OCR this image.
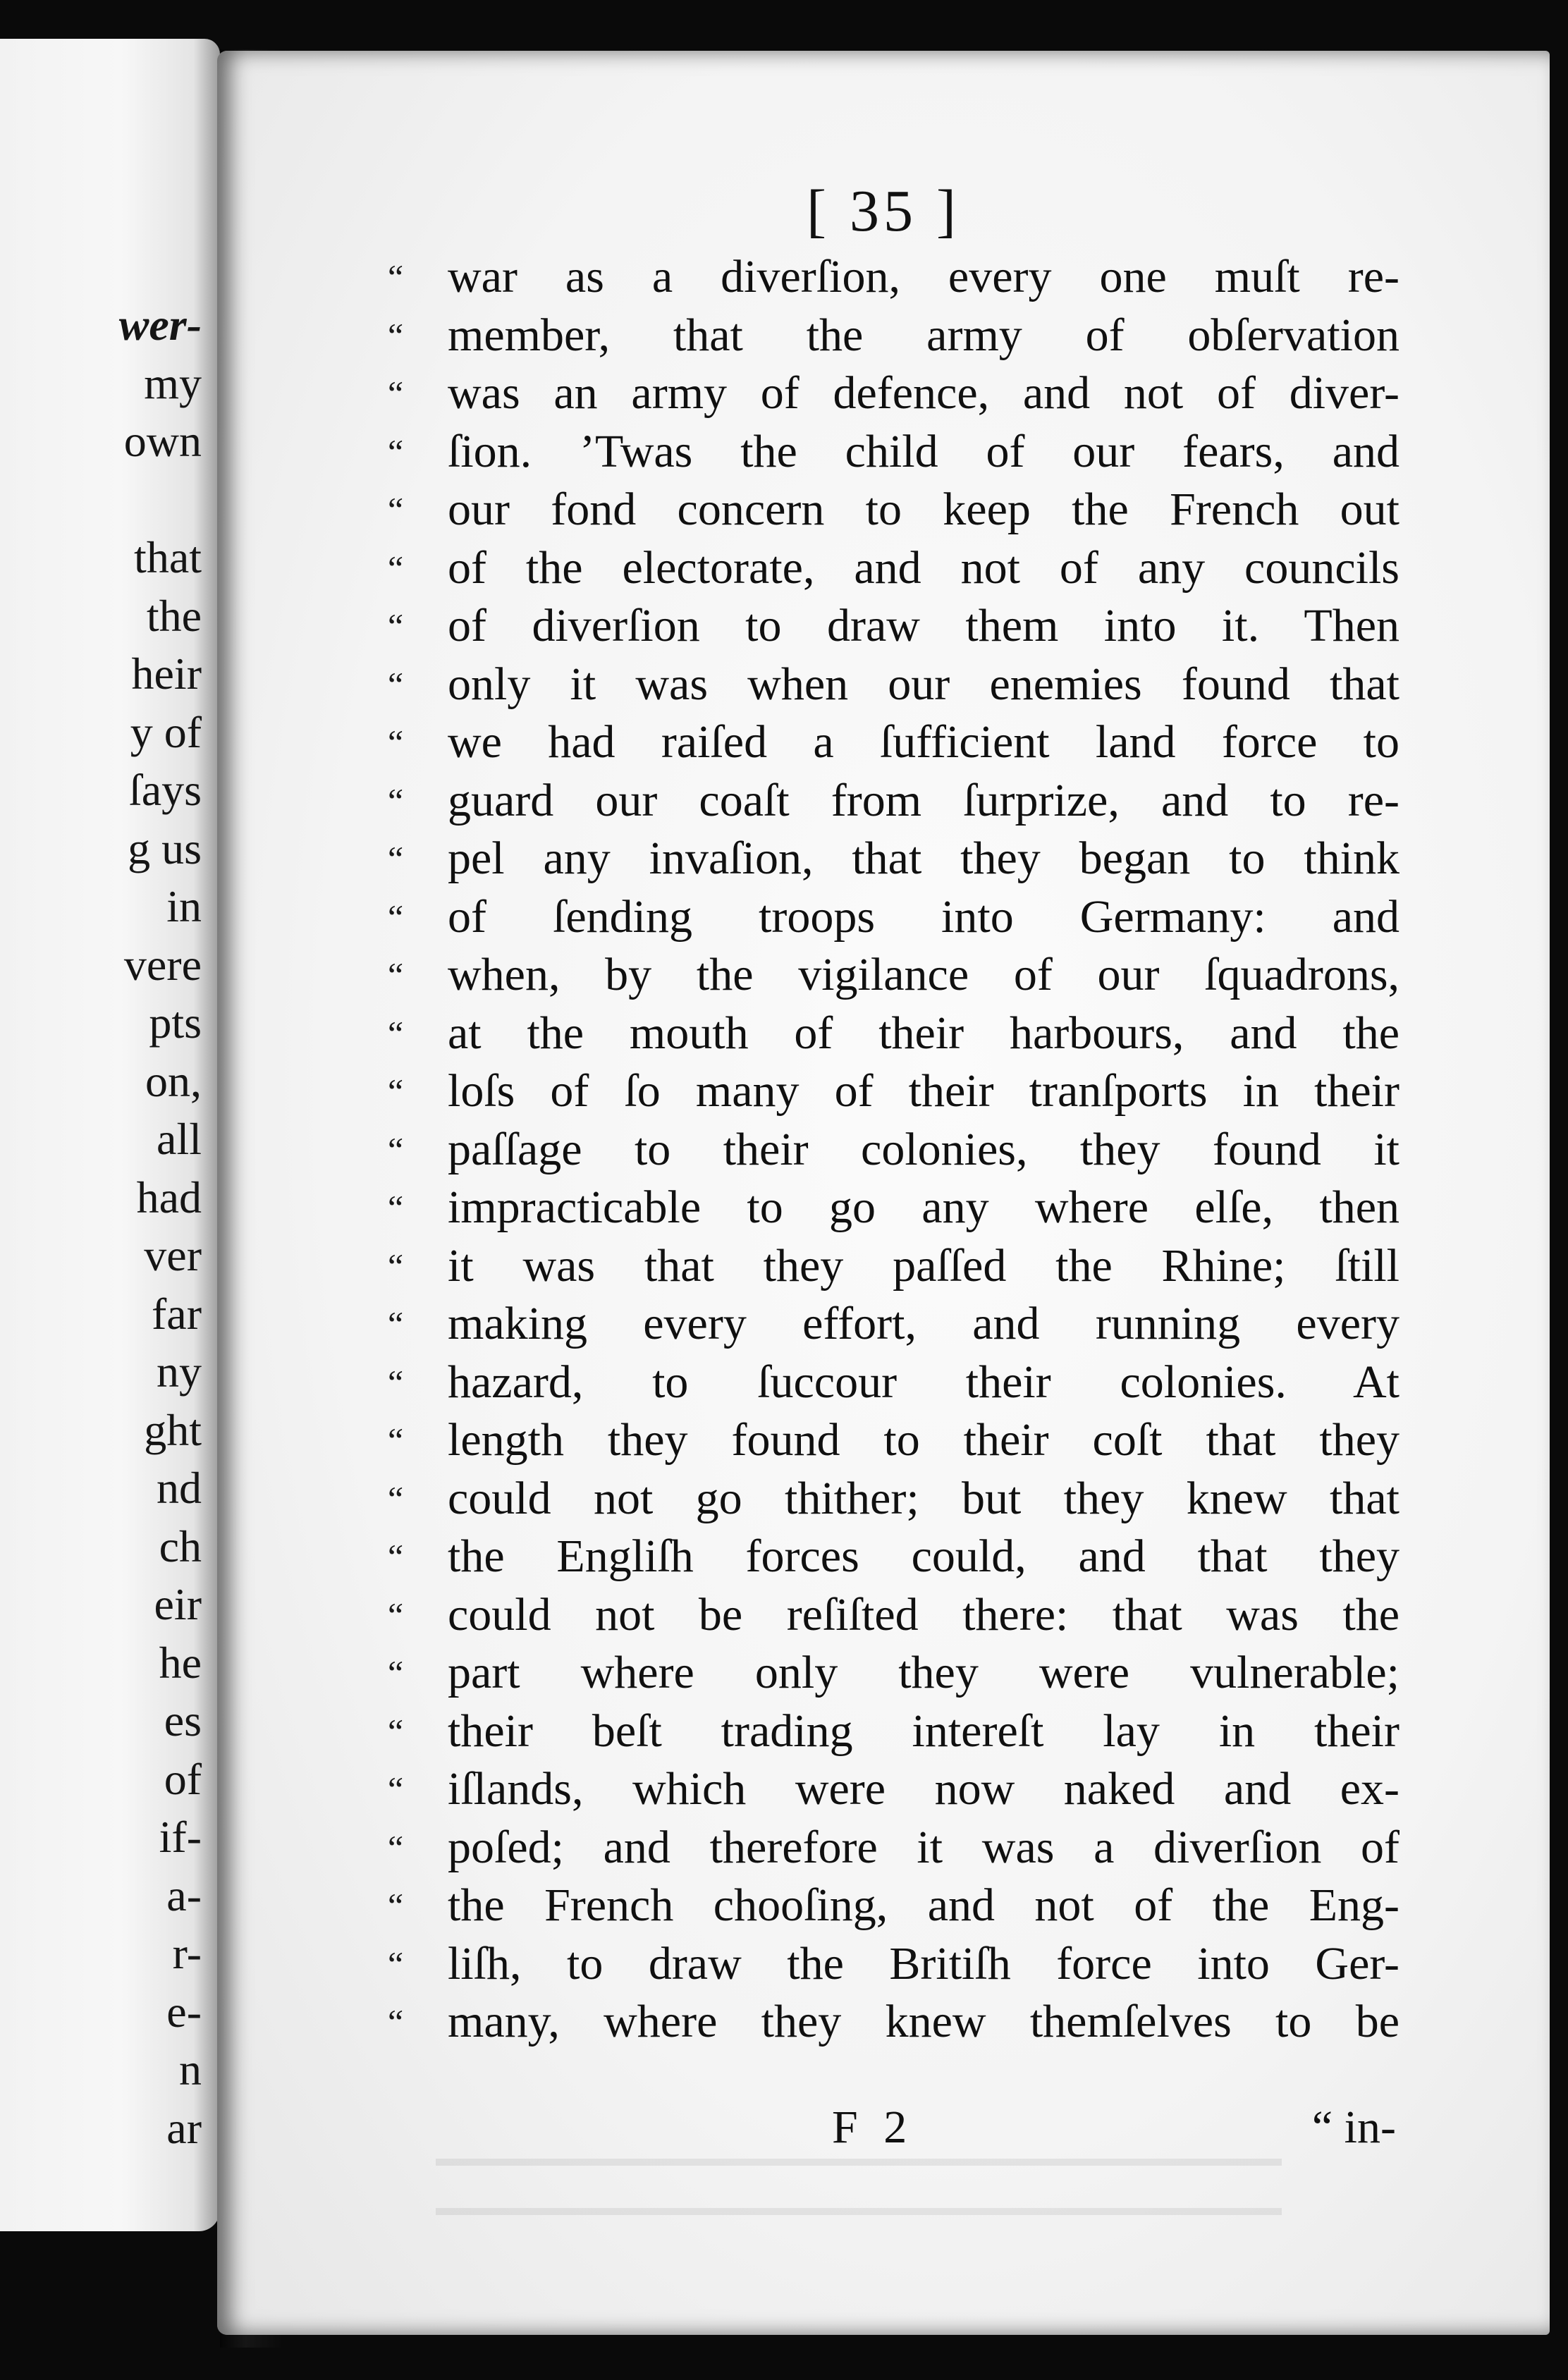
wer-
my
own
that
the
heir
y of
ſays
g us
in
vere
pts
on,
all
had
ver
far
ny
ght
nd
ch
eir
he
es
of
if-
a-
r-
e-
n
ar
[ 35 ]
“ war as a diverſion, every one muſt re-
“ member, that the army of obſervation
“ was an army of defence, and not of diver-
“ ſion. ’Twas the child of our fears, and
“ our fond concern to keep the French out
“ of the electorate, and not of any councils
“ of diverſion to draw them into it. Then
“ only it was when our enemies found that
“ we had raiſed a ſufficient land force to
“ guard our coaſt from ſurprize, and to re-
“ pel any invaſion, that they began to think
“ of ſending troops into Germany: and
“ when, by the vigilance of our ſquadrons,
“ at the mouth of their harbours, and the
“ loſs of ſo many of their tranſports in their
“ paſſage to their colonies, they found it
“ impracticable to go any where elſe, then
“ it was that they paſſed the Rhine; ſtill
“ making every effort, and running every
“ hazard, to ſuccour their colonies. At
“ length they found to their coſt that they
“ could not go thither; but they knew that
“ the Engliſh forces could, and that they
“ could not be reſiſted there: that was the
“ part where only they were vulnerable;
“ their beſt trading intereſt lay in their
“ iſlands, which were now naked and ex-
“ poſed; and therefore it was a diverſion of
“ the French chooſing, and not of the Eng-
“ liſh, to draw the Britiſh force into Ger-
“ many, where they knew themſelves to be
F 2	“ in-
